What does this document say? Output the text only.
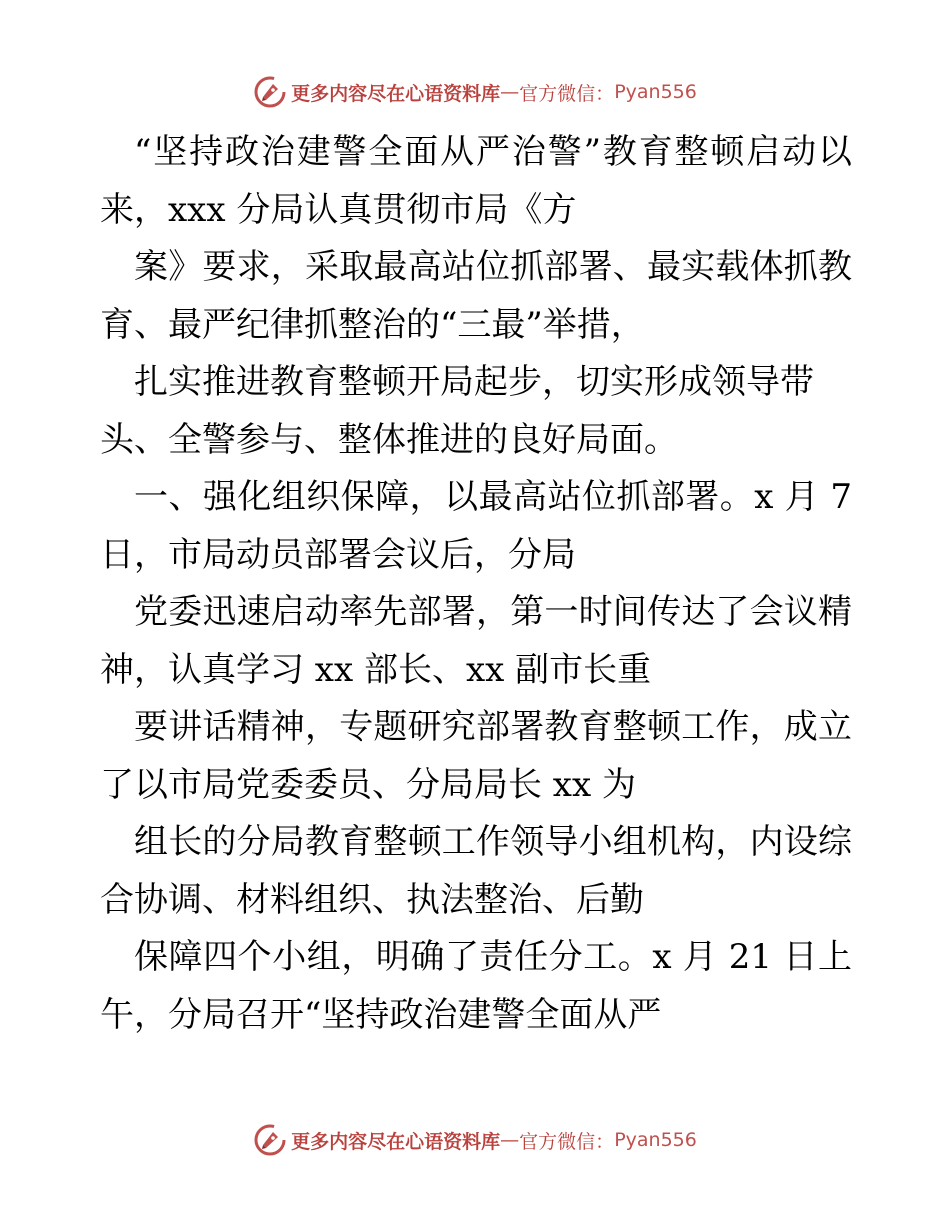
更多内容尽在心语资料库 — 官方微信： Pyan556
“坚持政治建警全面从严治警”教育整顿启动以
来，xxx 分局认真贯彻市局《方
案》要求，采取最高站位抓部署、最实载体抓教
育、最严纪律抓整治的“三最”举措，
扎实推进教育整顿开局起步，切实形成领导带
头、全警参与、整体推进的良好局面。
一、强化组织保障，以最高站位抓部署。x 月 7
日，市局动员部署会议后，分局
党委迅速启动率先部署，第一时间传达了会议精
神，认真学习 xx 部长、xx 副市长重
要讲话精神，专题研究部署教育整顿工作，成立
了以市局党委委员、分局局长 xx 为
组长的分局教育整顿工作领导小组机构，内设综
合协调、材料组织、执法整治、后勤
保障四个小组，明确了责任分工。x 月 21 日上
午，分局召开“坚持政治建警全面从严
更多内容尽在心语资料库 — 官方微信： Pyan556
